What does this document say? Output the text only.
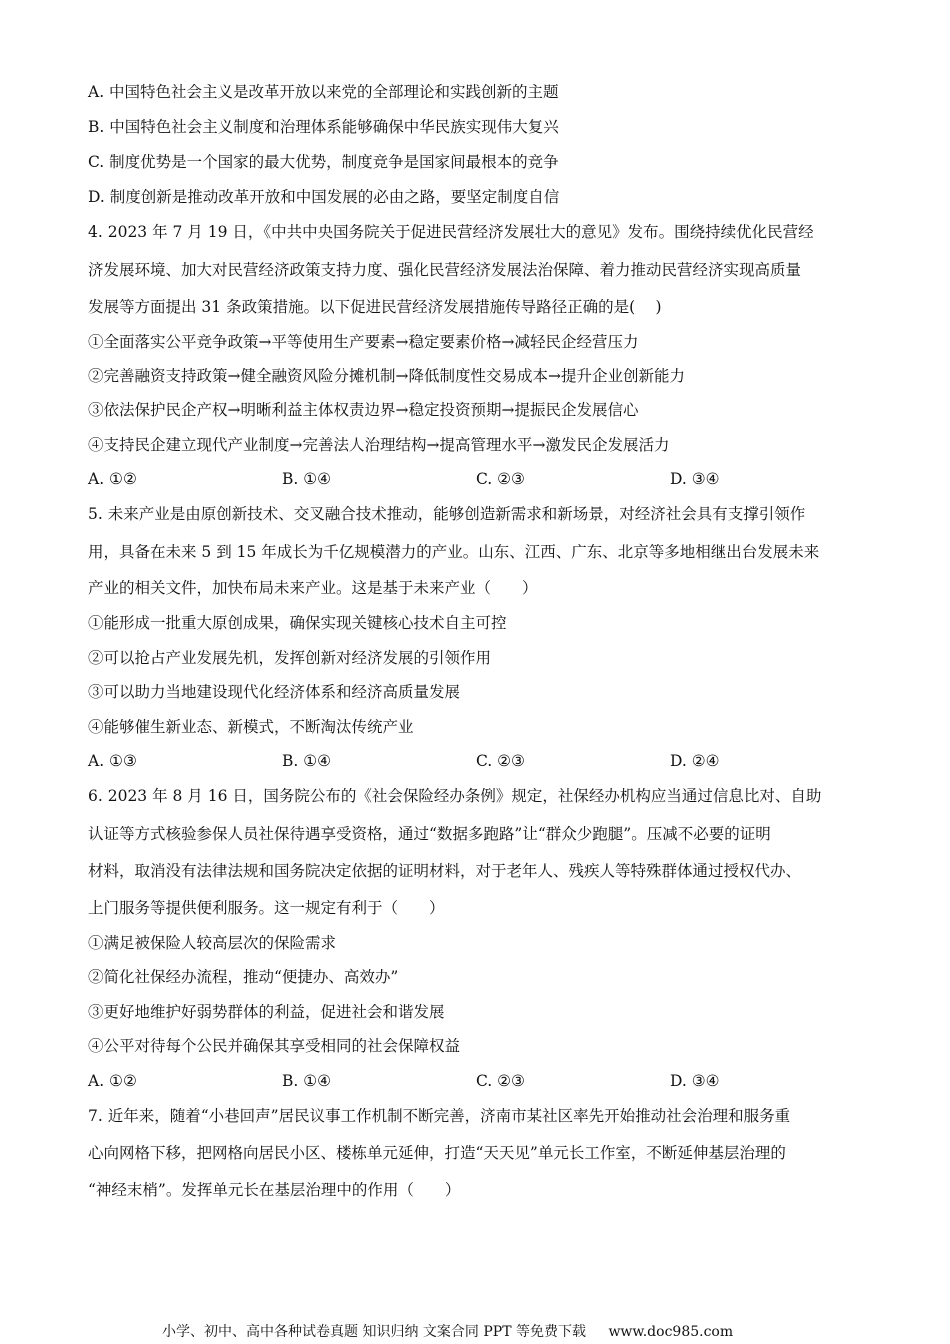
A. 中国特色社会主义是改革开放以来党的全部理论和实践创新的主题
B. 中国特色社会主义制度和治理体系能够确保中华民族实现伟大复兴
C. 制度优势是一个国家的最大优势，制度竞争是国家间最根本的竞争
D. 制度创新是推动改革开放和中国发展的必由之路，要坚定制度自信
4. 2023 年 7 月 19 日，《中共中央国务院关于促进民营经济发展壮大的意见》发布。围绕持续优化民营经
济发展环境、加大对民营经济政策支持力度、强化民营经济发展法治保障、着力推动民营经济实现高质量
发展等方面提出 31 条政策措施。以下促进民营经济发展措施传导路径正确的是(　 )
①全面落实公平竞争政策→平等使用生产要素→稳定要素价格→减轻民企经营压力
②完善融资支持政策→健全融资风险分摊机制→降低制度性交易成本→提升企业创新能力
③依法保护民企产权→明晰利益主体权责边界→稳定投资预期→提振民企发展信心
④支持民企建立现代产业制度→完善法人治理结构→提高管理水平→激发民企发展活力
A. ①②	B. ①④	C. ②③	D. ③④
5. 未来产业是由原创新技术、交叉融合技术推动，能够创造新需求和新场景，对经济社会具有支撑引领作
用，具备在未来 5 到 15 年成长为千亿规模潜力的产业。山东、江西、广东、北京等多地相继出台发展未来
产业的相关文件，加快布局未来产业。这是基于未来产业（　　）
①能形成一批重大原创成果，确保实现关键核心技术自主可控
②可以抢占产业发展先机，发挥创新对经济发展的引领作用
③可以助力当地建设现代化经济体系和经济高质量发展
④能够催生新业态、新模式，不断淘汰传统产业
A. ①③	B. ①④	C. ②③	D. ②④
6. 2023 年 8 月 16 日，国务院公布的《社会保险经办条例》规定，社保经办机构应当通过信息比对、自助
认证等方式核验参保人员社保待遇享受资格，通过“数据多跑路”让“群众少跑腿”。压减不必要的证明
材料，取消没有法律法规和国务院决定依据的证明材料，对于老年人、残疾人等特殊群体通过授权代办、
上门服务等提供便利服务。这一规定有利于（　　）
①满足被保险人较高层次的保险需求
②简化社保经办流程，推动“便捷办、高效办”
③更好地维护好弱势群体的利益，促进社会和谐发展
④公平对待每个公民并确保其享受相同的社会保障权益
A. ①②	B. ①④	C. ②③	D. ③④
7. 近年来，随着“小巷回声”居民议事工作机制不断完善，济南市某社区率先开始推动社会治理和服务重
心向网格下移，把网格向居民小区、楼栋单元延伸，打造“天天见”单元长工作室，不断延伸基层治理的
“神经末梢”。发挥单元长在基层治理中的作用（　　）
小学、初中、高中各种试卷真题 知识归纳 文案合同 PPT 等免费下载 www.doc985.com
